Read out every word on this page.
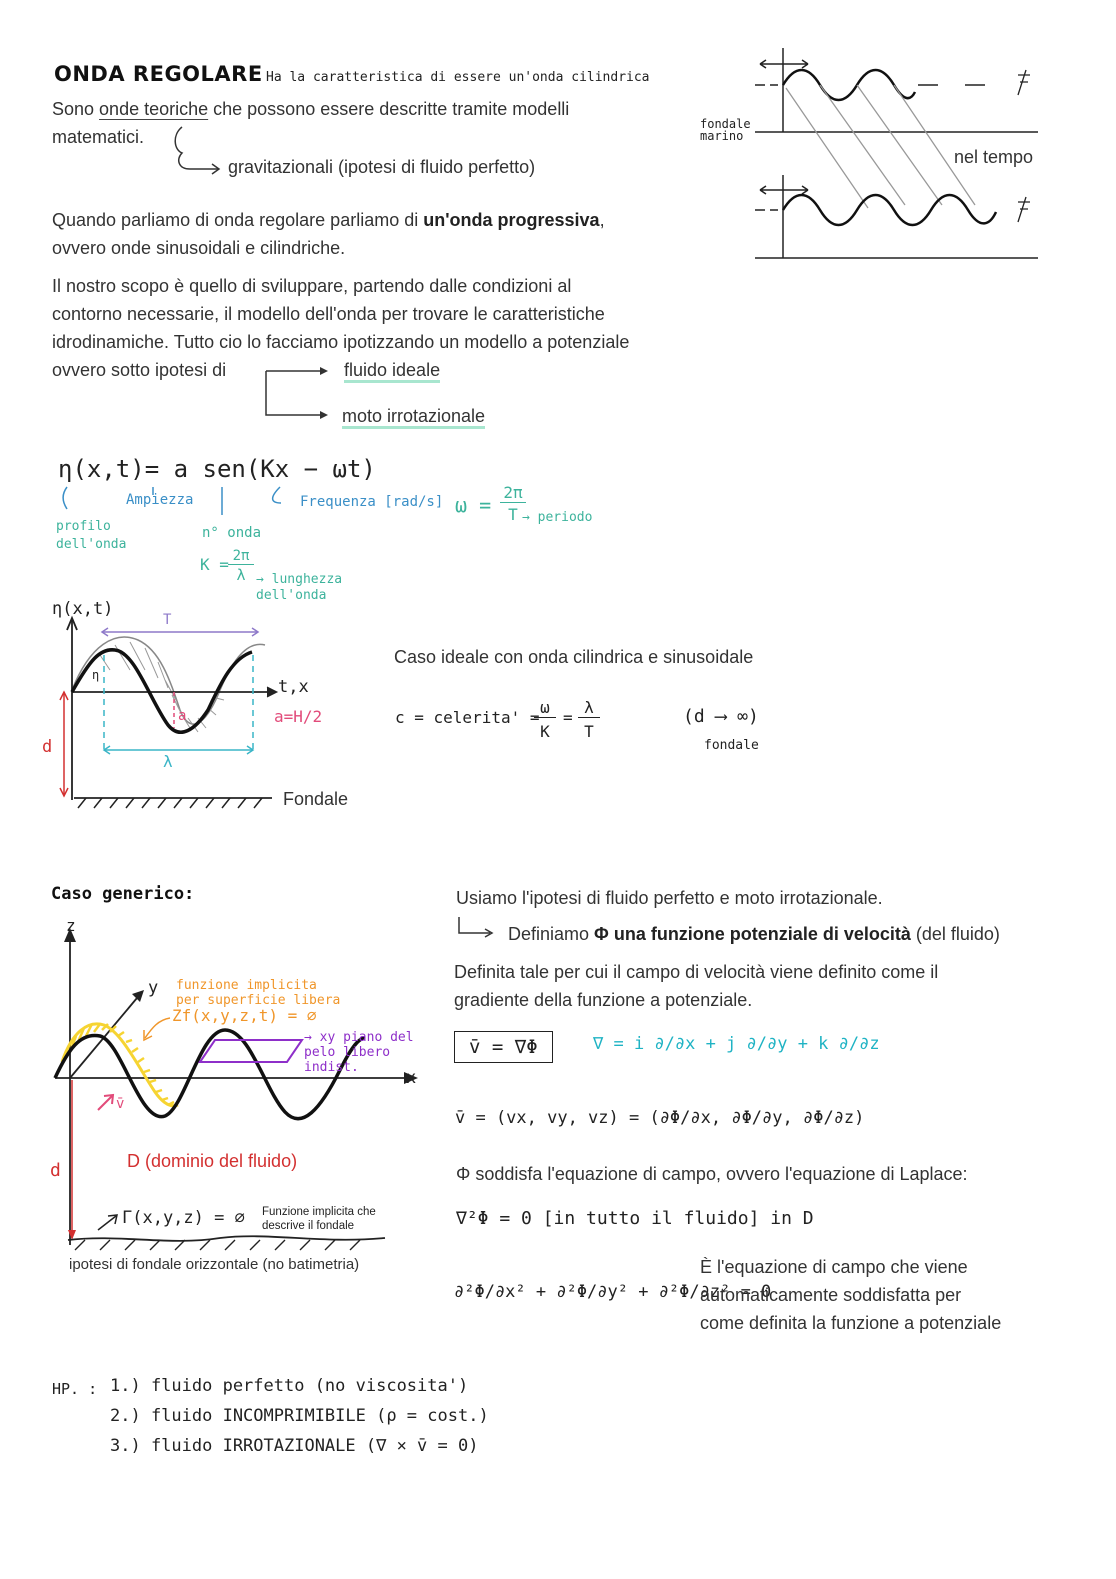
ONDA REGOLARE Ha la caratteristica di essere un'onda cilindrica
Sono onde teoriche che possono essere descritte tramite modelli
matematici.
gravitazionali (ipotesi di fluido perfetto)
Quando parliamo di onda regolare parliamo di un'onda progressiva,
ovvero onde sinusoidali e cilindriche.
Il nostro scopo è quello di sviluppare, partendo dalle condizioni al
contorno necessarie, il modello dell'onda per trovare le caratteristiche
idrodinamiche. Tutto cio lo facciamo ipotizzando un modello a potenziale
ovvero sotto ipotesi di	fluido ideale
moto irrotazionale
fondale marino
nel tempo
η(x,t)= a sen(Kx − ωt)
Ampiezza	Frequenza [rad/s] ω =
2π
T → periodo
profilo dell'onda
n° onda
K = 2π
λ → lunghezza dell'onda
η(x,t)
t,x
T
λ
a	a=H/2
d
η
Fondale
Caso ideale con onda cilindrica e sinusoidale
c = celerita' =
ω
K
=
λ
T
(d ⟶ ∞)
fondale
Caso generico:
z
y
x
funzione implicita per superficie libera
Zf(x,y,z,t) = ∅
→ xy piano del pelo libero indist.
v̄
d	D (dominio del fluido)
Γ(x,y,z) = ∅ Funzione implicita che descrive il fondale
ipotesi di fondale orizzontale (no batimetria)
Usiamo l'ipotesi di fluido perfetto e moto irrotazionale.
Definiamo Φ una funzione potenziale di velocità (del fluido)
Definita tale per cui il campo di velocità viene definito come il
gradiente della funzione a potenziale.
v̄ = ∇Φ	∇ = i ∂/∂x + j ∂/∂y + k ∂/∂z
v̄ = (vx, vy, vz) = (∂Φ/∂x, ∂Φ/∂y, ∂Φ/∂z)
Φ soddisfa l'equazione di campo, ovvero l'equazione di Laplace:
∇²Φ = 0 [in tutto il fluido] in D
∂²Φ/∂x² + ∂²Φ/∂y² + ∂²Φ/∂z² = 0
È l'equazione di campo che viene
automaticamente soddisfatta per
come definita la funzione a potenziale
HP. : 1.) fluido perfetto (no viscosita')
2.) fluido INCOMPRIMIBILE (ρ = cost.)
3.) fluido IRROTAZIONALE (∇ × v̄ = 0)
